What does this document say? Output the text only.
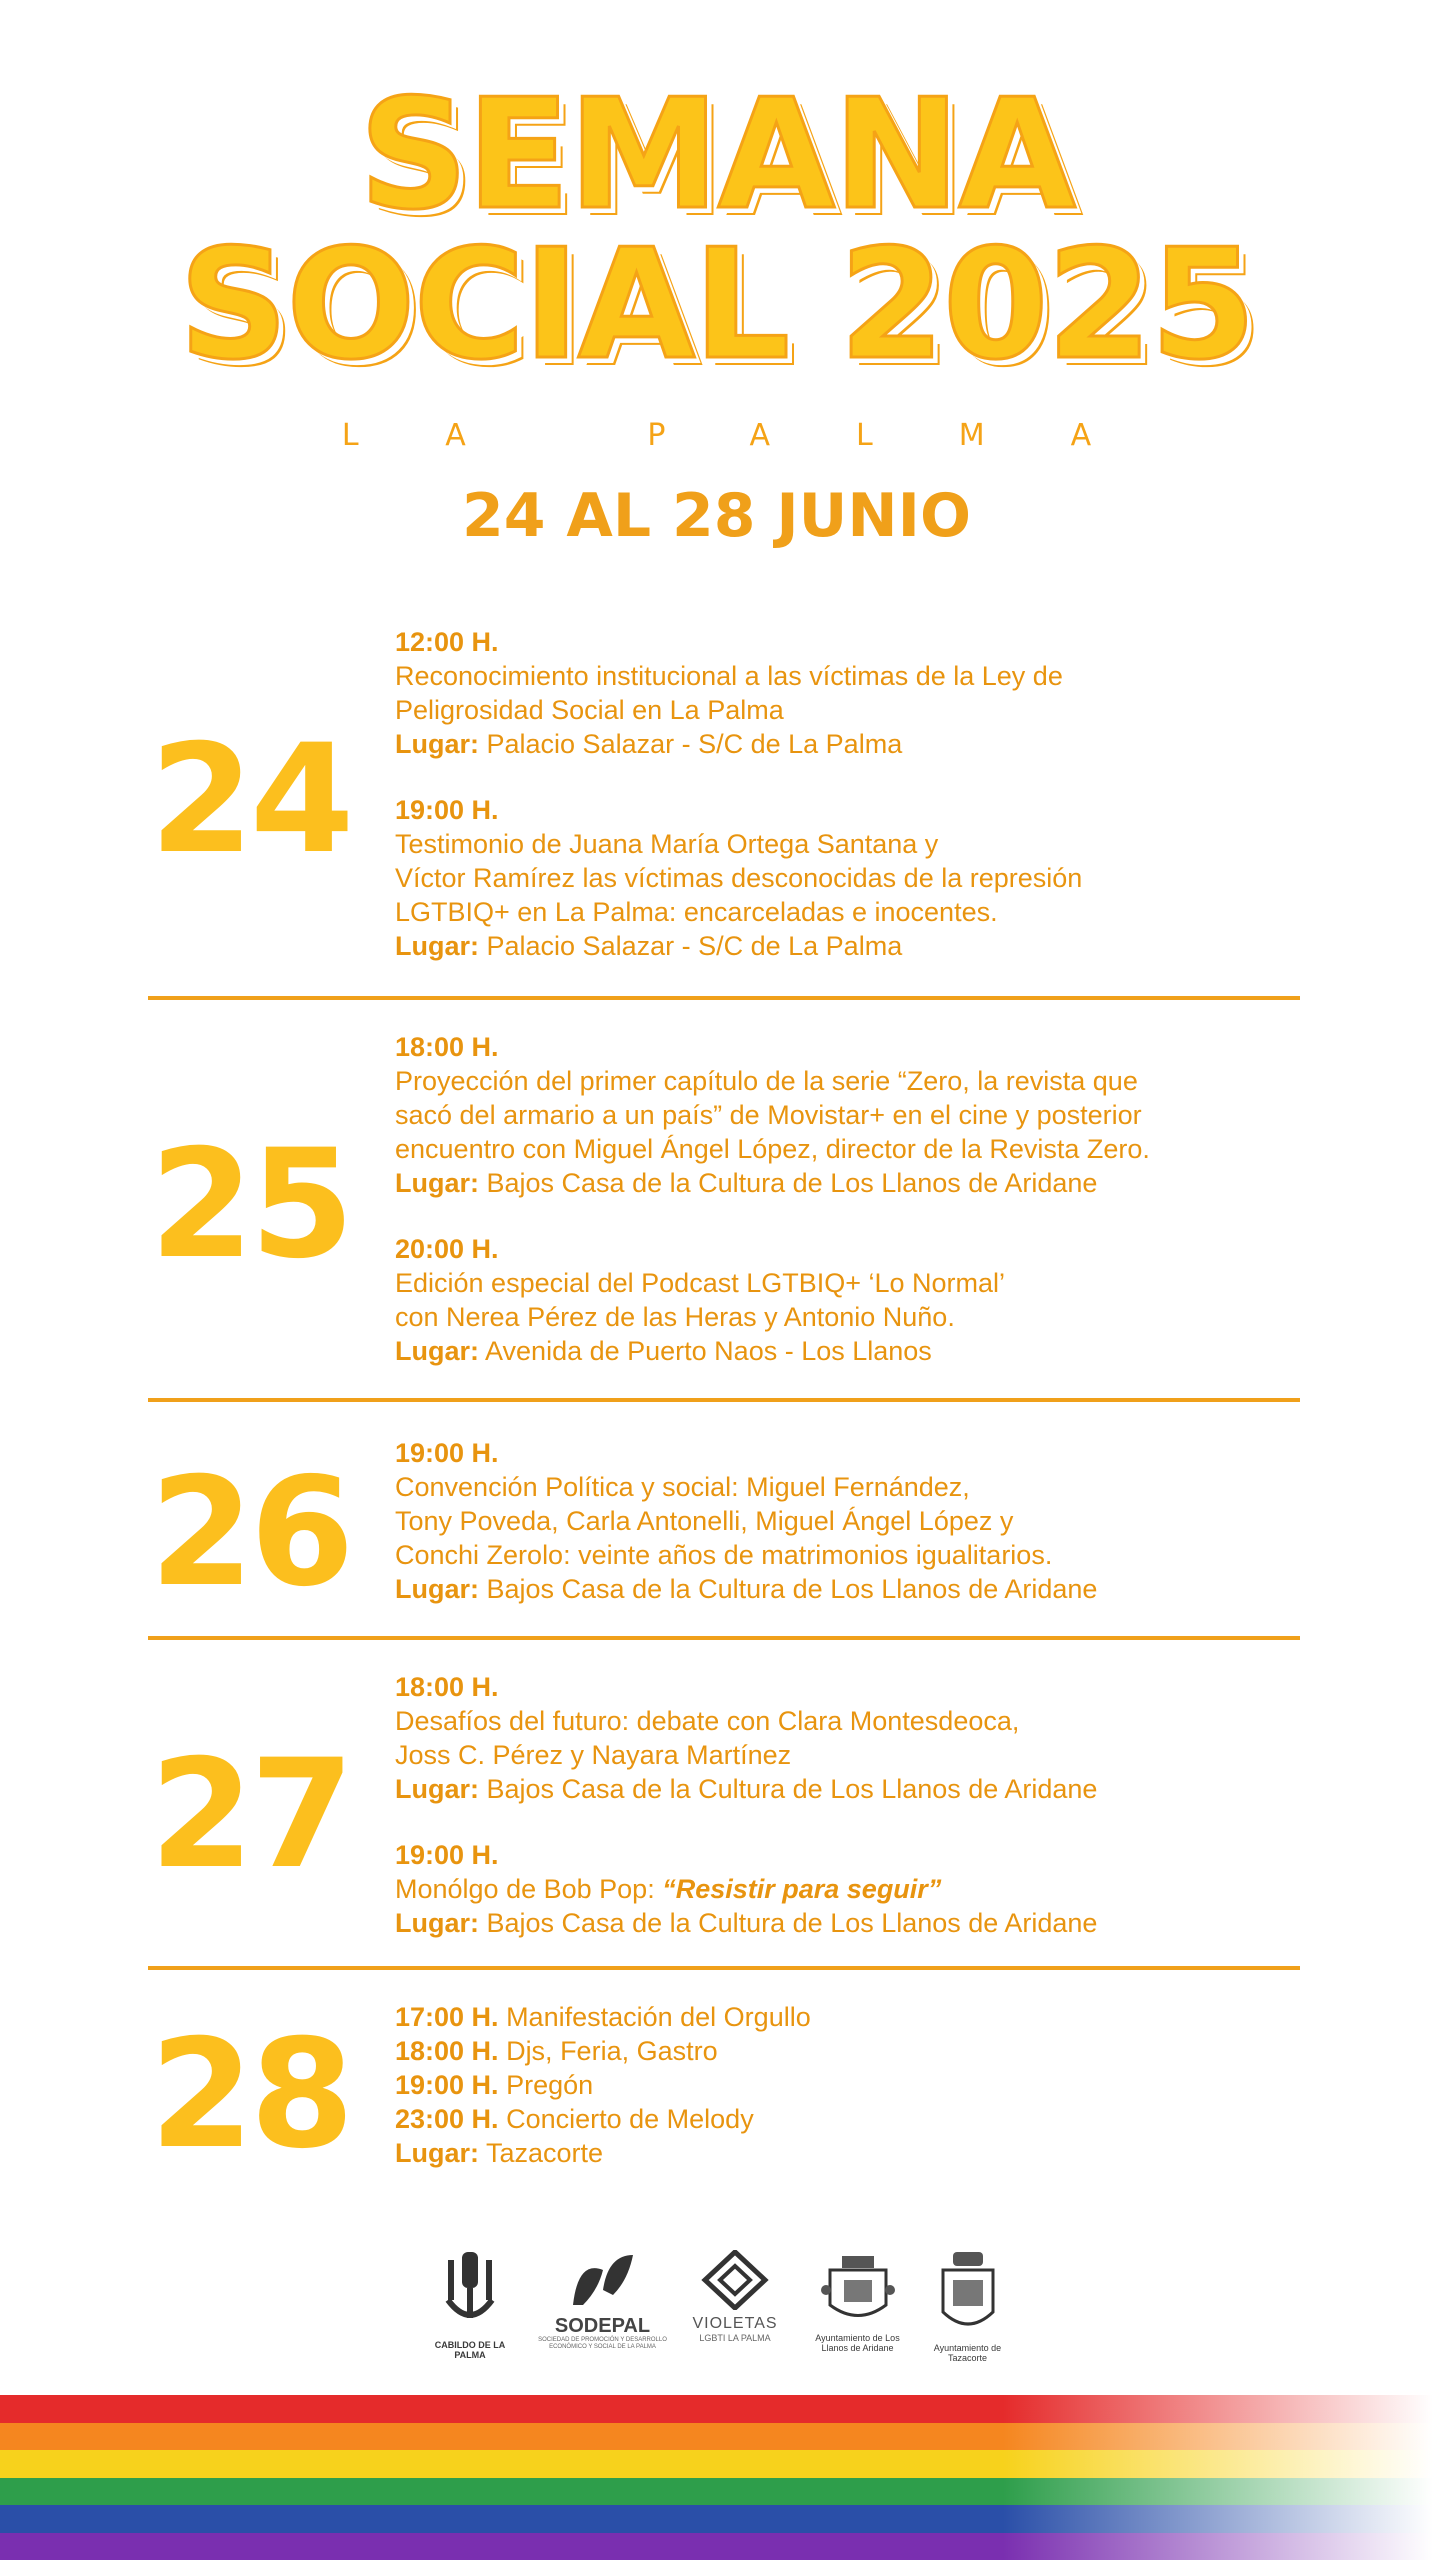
SEMANA
SOCIAL 2025
LA PALMA
24 AL 28 JUNIO
24
12:00 H.
Reconocimiento institucional a las víctimas de la Ley de
Peligrosidad Social en La Palma
Lugar: Palacio Salazar - S/C de La Palma
19:00 H.
Testimonio de Juana María Ortega Santana y
Víctor Ramírez las víctimas desconocidas de la represión
LGTBIQ+ en La Palma: encarceladas e inocentes.
Lugar: Palacio Salazar - S/C de La Palma
25
18:00 H.
Proyección del primer capítulo de la serie “Zero, la revista que
sacó del armario a un país” de Movistar+ en el cine y posterior
encuentro con Miguel Ángel López, director de la Revista Zero.
Lugar: Bajos Casa de la Cultura de Los Llanos de Aridane
20:00 H.
Edición especial del Podcast LGTBIQ+ ‘Lo Normal’
con Nerea Pérez de las Heras y Antonio Nuño.
Lugar: Avenida de Puerto Naos - Los Llanos
26	19:00 H.
Convención Política y social: Miguel Fernández,
Tony Poveda, Carla Antonelli, Miguel Ángel López y
Conchi Zerolo: veinte años de matrimonios igualitarios.
Lugar: Bajos Casa de la Cultura de Los Llanos de Aridane
27
18:00 H.
Desafíos del futuro: debate con Clara Montesdeoca,
Joss C. Pérez y Nayara Martínez
Lugar: Bajos Casa de la Cultura de Los Llanos de Aridane
19:00 H.
Monólgo de Bob Pop: “Resistir para seguir”
Lugar: Bajos Casa de la Cultura de Los Llanos de Aridane
28	17:00 H. Manifestación del Orgullo
18:00 H. Djs, Feria, Gastro
19:00 H. Pregón
23:00 H. Concierto de Melody
Lugar: Tazacorte
CABILDO DE LA PALMA
SODEPAL
SOCIEDAD DE PROMOCIÓN Y DESARROLLO ECONÓMICO Y SOCIAL DE LA PALMA
VIOLETAS
LGBTI LA PALMA	Ayuntamiento de Los Llanos de Aridane	Ayuntamiento de Tazacorte
